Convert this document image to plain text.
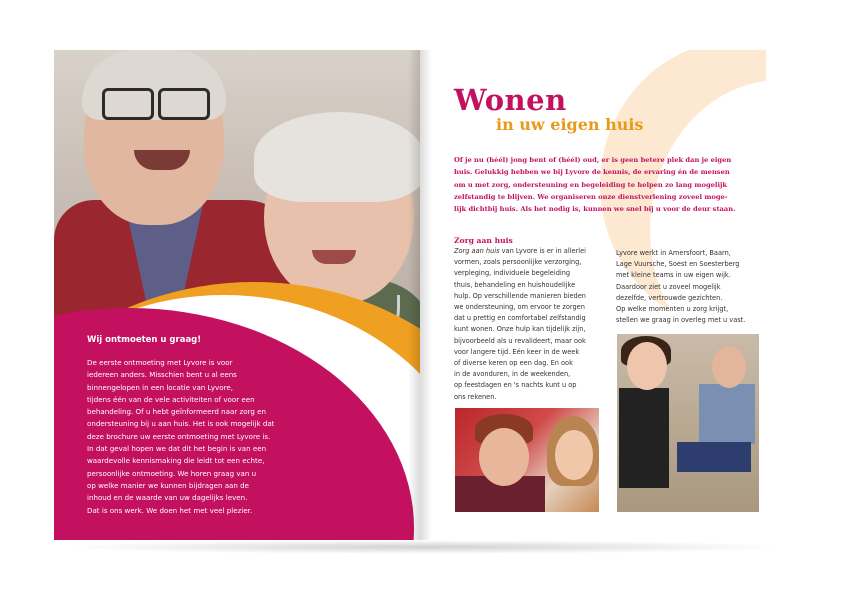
Wij ontmoeten u graag!

De eerste ontmoeting met Lyvore is voor
iedereen anders. Misschien bent u al eens
binnengelopen in een locatie van Lyvore,
tijdens één van de vele activiteiten of voor een
behandeling. Of u hebt geïnformeerd naar zorg en
ondersteuning bij u aan huis. Het is ook mogelijk dat
deze brochure uw eerste ontmoeting met Lyvore is.
In dat geval hopen we dat dit het begin is van een
waardevolle kennismaking die leidt tot een echte,
persoonlijke ontmoeting. We horen graag van u
op welke manier we kunnen bijdragen aan de
inhoud en de waarde van uw dagelijks leven.
Dat is ons werk. We doen het met veel plezier.

Wonen
in uw eigen huis

Of je nu (héél) jong bent of (héél) oud, er is geen betere plek dan je eigen
huis. Gelukkig hebben we bij Lyvore de kennis, de ervaring én de mensen
om u met zorg, ondersteuning en begeleiding te helpen zo lang mogelijk
zelfstandig te blijven. We organiseren onze dienstverlening zoveel moge-
lijk dichtbij huis. Als het nodig is, kunnen we snel bij u voor de deur staan.

Zorg aan huis

Zorg aan huis van Lyvore is er in allerlei
vormen, zoals persoonlijke verzorging,
verpleging, individuele begeleiding
thuis, behandeling en huishoudelijke
hulp. Op verschillende manieren bieden
we ondersteuning, om ervoor te zorgen
dat u prettig en comfortabel zelfstandig
kunt wonen. Onze hulp kan tijdelijk zijn,
bijvoorbeeld als u revalideert, maar ook
voor langere tijd. Eén keer in de week
of diverse keren op een dag. En ook
in de avonduren, in de weekenden,
op feestdagen en 's nachts kunt u op
ons rekenen.

Lyvore werkt in Amersfoort, Baarn,
Lage Vuursche, Soest en Soesterberg
met kleine teams in uw eigen wijk.
Daardoor ziet u zoveel mogelijk
dezelfde, vertrouwde gezichten.
Op welke momenten u zorg krijgt,
stellen we graag in overleg met u vast.
